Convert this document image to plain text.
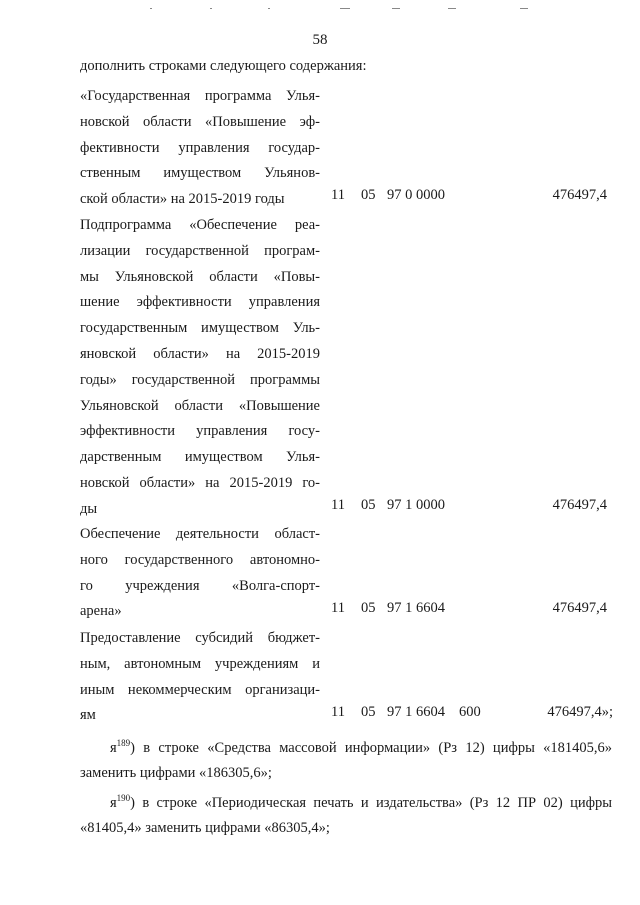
58
дополнить строками следующего содержания:
«Государственная программа Улья-
новской области «Повышение эф-
фективности управления государ-
ственным имуществом Ульянов-
ской области» на 2015-2019 годы	11 05 97 0 0000	476497,4
Подпрограмма «Обеспечение реа-
лизации государственной програм-
мы Ульяновской области «Повы-
шение эффективности управления
государственным имуществом Уль-
яновской области» на 2015-2019
годы» государственной программы
Ульяновской области «Повышение
эффективности управления госу-
дарственным имуществом Улья-
новской области» на 2015-2019 го-
ды	11 05 97 1 0000	476497,4
Обеспечение деятельности област-
ного государственного автономно-
го учреждения «Волга-спорт-
арена»	11 05 97 1 6604	476497,4
Предоставление субсидий бюджет-
ным, автономным учреждениям и
иным некоммерческим организаци-
ям	11 05 97 1 6604 600	476497,4»;
$я^{189}$) в строке «Средства массовой информации» (Рз 12) цифры «181405,6» заменить цифрами «186305,6»;
$я^{190}$) в строке «Периодическая печать и издательства» (Рз 12 ПР 02) цифры «81405,4» заменить цифрами «86305,4»;
